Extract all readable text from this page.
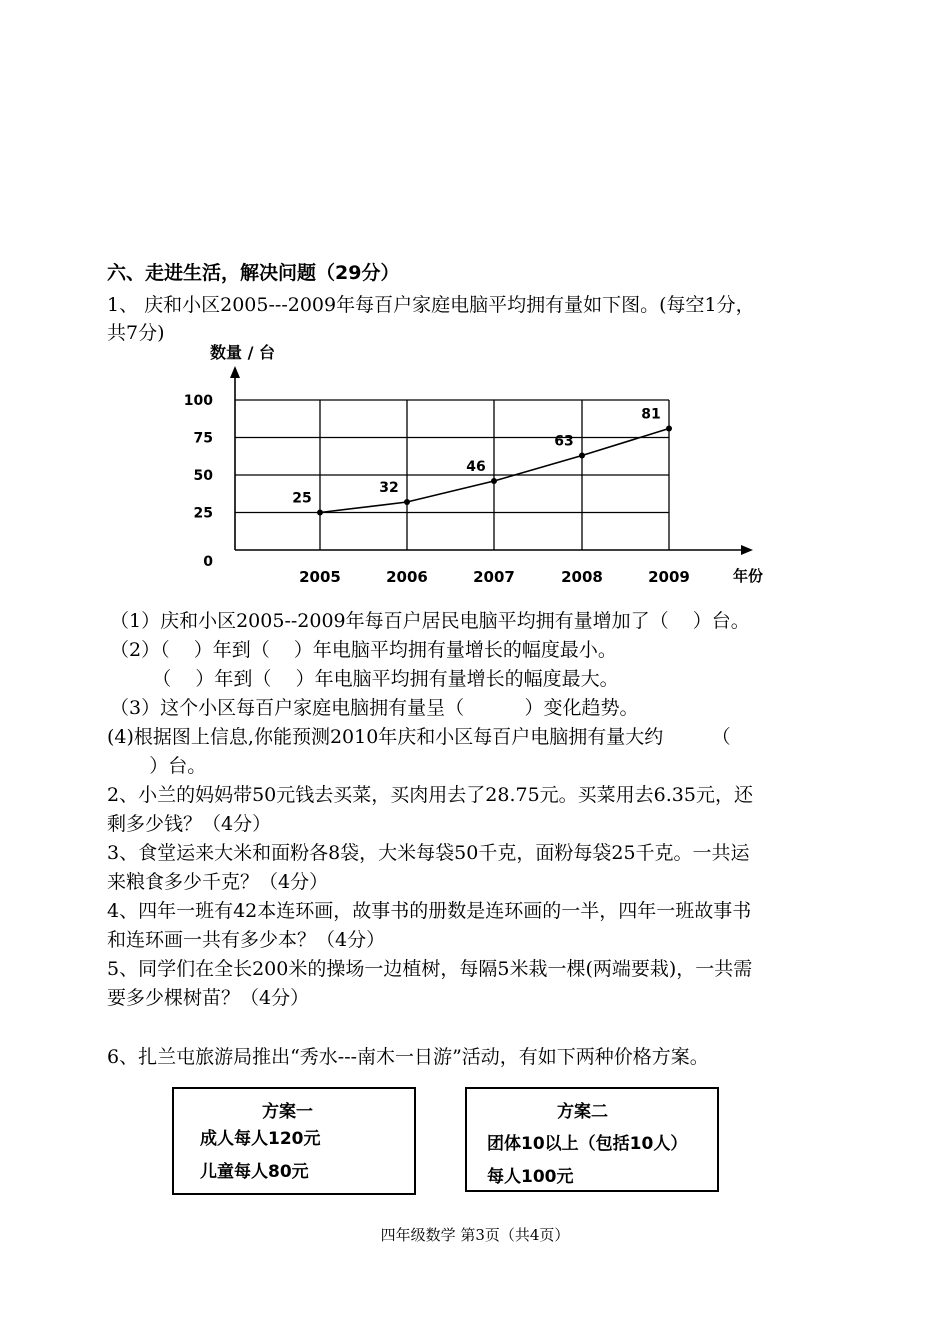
六、走进生活，解决问题（29分）
1、 庆和小区2005---2009年每百户家庭电脑平均拥有量如下图。(每空1分，
共7分)
数量 / 台
年份
0
25
50
75
100
2005	2006	2007	2008	2009
25
32
46
63
81
（1）庆和小区2005--2009年每百户居民电脑平均拥有量增加了（    ）台。
（2）（    ）年到（    ）年电脑平均拥有量增长的幅度最小。
（    ）年到（    ）年电脑平均拥有量增长的幅度最大。
（3）这个小区每百户家庭电脑拥有量呈（          ）变化趋势。
(4)根据图上信息,你能预测2010年庆和小区每百户电脑拥有量大约        （
）台。
2、小兰的妈妈带50元钱去买菜，买肉用去了28.75元。买菜用去6.35元，还
剩多少钱？（4分）
3、食堂运来大米和面粉各8袋，大米每袋50千克，面粉每袋25千克。一共运
来粮食多少千克？（4分）
4、四年一班有42本连环画，故事书的册数是连环画的一半，四年一班故事书
和连环画一共有多少本？（4分）
5、同学们在全长200米的操场一边植树，每隔5米栽一棵(两端要栽)，一共需
要多少棵树苗？（4分）
6、扎兰屯旅游局推出“秀水---南木一日游”活动，有如下两种价格方案。
方案一
成人每人120元
儿童每人80元
方案二
团体10以上（包括10人）
每人100元
四年级数学 第3页（共4页）
